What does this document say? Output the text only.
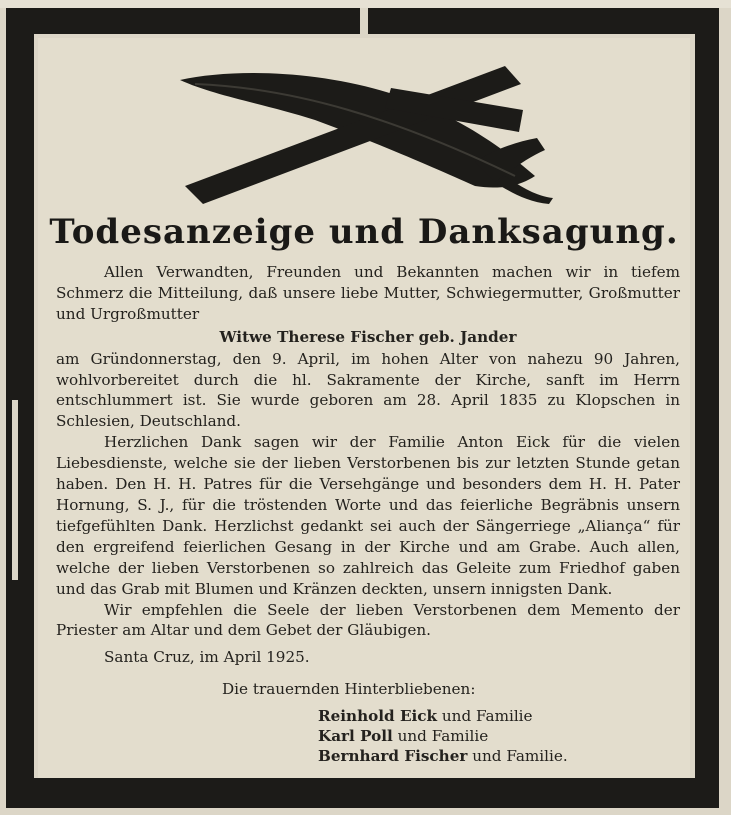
Todesanzeige und Danksagung.

Allen Verwandten, Freunden und Bekannten machen wir in tiefem Schmerz die Mitteilung, daß unsere liebe Mutter, Schwiegermutter, Großmutter und Urgroßmutter

Witwe Therese Fischer geb. Jander

am Gründonnerstag, den 9. April, im hohen Alter von nahezu 90 Jahren, wohlvorbereitet durch die hl. Sakramente der Kirche, sanft im Herrn entschlummert ist. Sie wurde geboren am 28. April 1835 zu Klopschen in Schlesien, Deutschland.

Herzlichen Dank sagen wir der Familie Anton Eick für die vielen Liebesdienste, welche sie der lieben Verstorbenen bis zur letzten Stunde getan haben. Den H. H. Patres für die Versehgänge und besonders dem H. H. Pater Hornung, S. J., für die tröstenden Worte und das feierliche Begräbnis unsern tiefgefühlten Dank. Herzlichst gedankt sei auch der Sängerriege „Aliança“ für den ergreifend feierlichen Gesang in der Kirche und am Grabe. Auch allen, welche der lieben Verstorbenen so zahlreich das Geleite zum Friedhof gaben und das Grab mit Blumen und Kränzen deckten, unsern innigsten Dank.

Wir empfehlen die Seele der lieben Verstorbenen dem Memento der Priester am Altar und dem Gebet der Gläubigen.

Santa Cruz, im April 1925.

Die trauernden Hinterbliebenen:
Reinhold Eick und Familie
Karl Poll und Familie
Bernhard Fischer und Familie.
